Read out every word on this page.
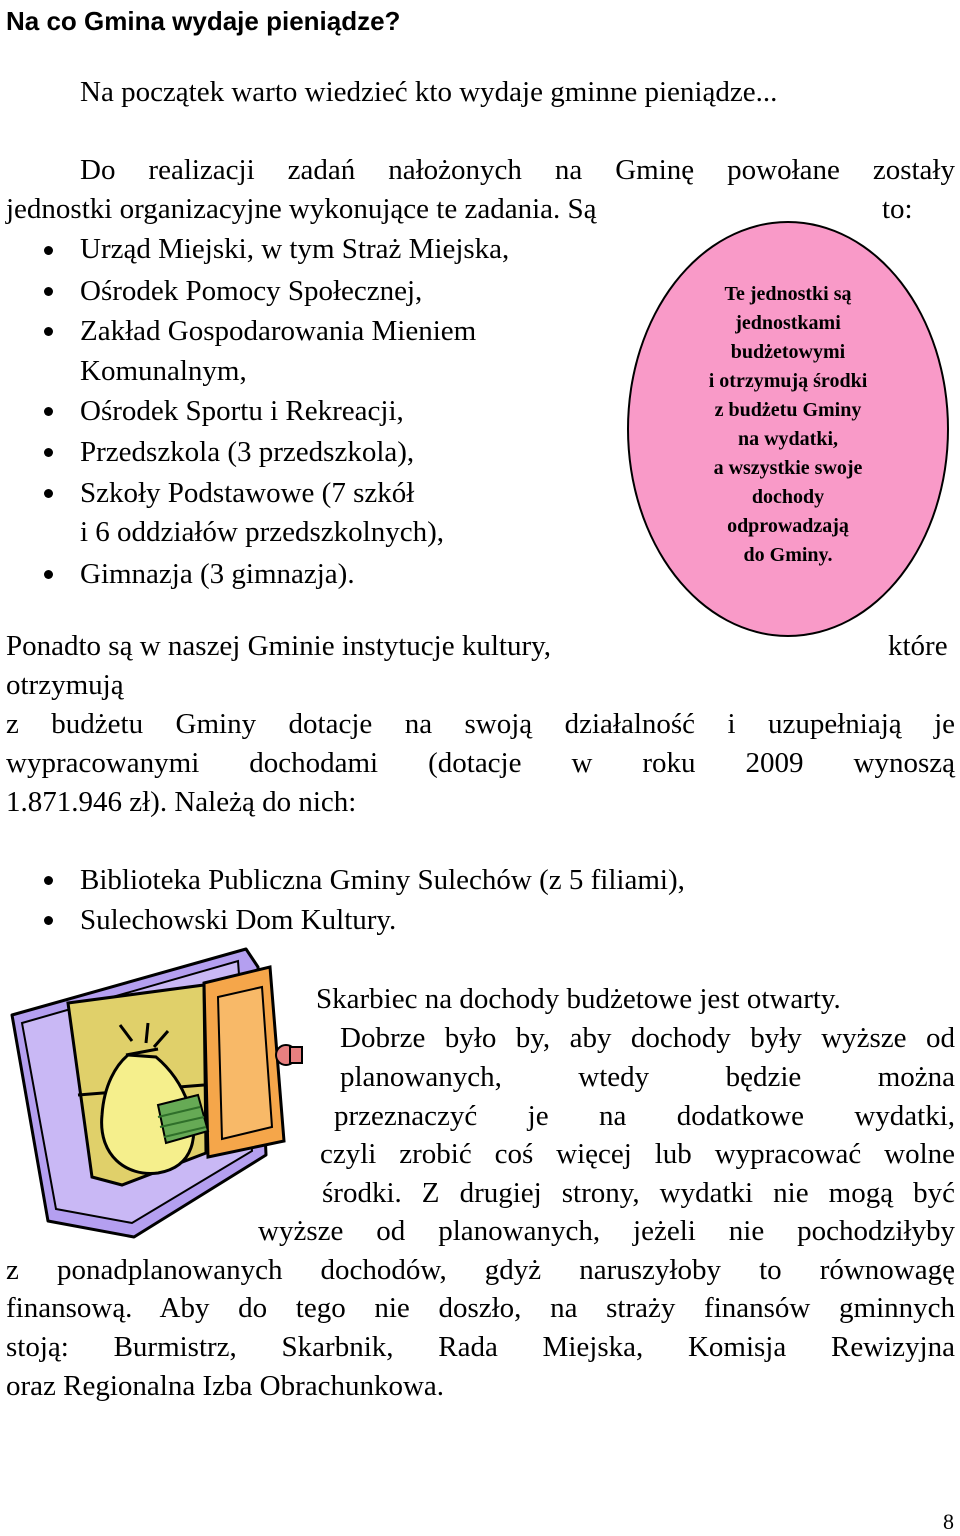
Na co Gmina wydaje pieniądze?
Na początek warto wiedzieć kto wydaje gminne pieniądze...
Do realizacji zadań nałożonych na Gminę powołane zostały
jednostki organizacyjne wykonujące te zadania. Są	to:
Urząd Miejski, w tym Straż Miejska,
Ośrodek Pomocy Społecznej,
Zakład Gospodarowania Mieniem
Komunalnym,
Ośrodek Sportu i Rekreacji,
Przedszkola (3 przedszkola),
Szkoły Podstawowe (7 szkół
i 6 oddziałów przedszkolnych),
Gimnazja (3 gimnazja).
Te jednostki są
jednostkami
budżetowymi
i otrzymują środki
z budżetu Gminy
na wydatki,
a wszystkie swoje
dochody
odprowadzają
do Gminy.
Ponadto są w naszej Gminie instytucje kultury,	które
otrzymują
z budżetu Gminy dotacje na swoją działalność i uzupełniają je
wypracowanymi dochodami (dotacje w roku 2009 wynoszą
1.871.946 zł). Należą do nich:
Biblioteka Publiczna Gminy Sulechów (z 5 filiami),
Sulechowski Dom Kultury.
Skarbiec na dochody budżetowe jest otwarty.
Dobrze było by, aby dochody były wyższe od
planowanych, wtedy będzie można
przeznaczyć je na dodatkowe wydatki,
czyli zrobić coś więcej lub wypracować wolne
środki. Z drugiej strony, wydatki nie mogą być
wyższe od planowanych, jeżeli nie pochodziłyby
z ponadplanowanych dochodów, gdyż naruszyłoby to równowagę
finansową. Aby do tego nie doszło, na straży finansów gminnych
stoją: Burmistrz, Skarbnik, Rada Miejska, Komisja Rewizyjna
oraz Regionalna Izba Obrachunkowa.
8
